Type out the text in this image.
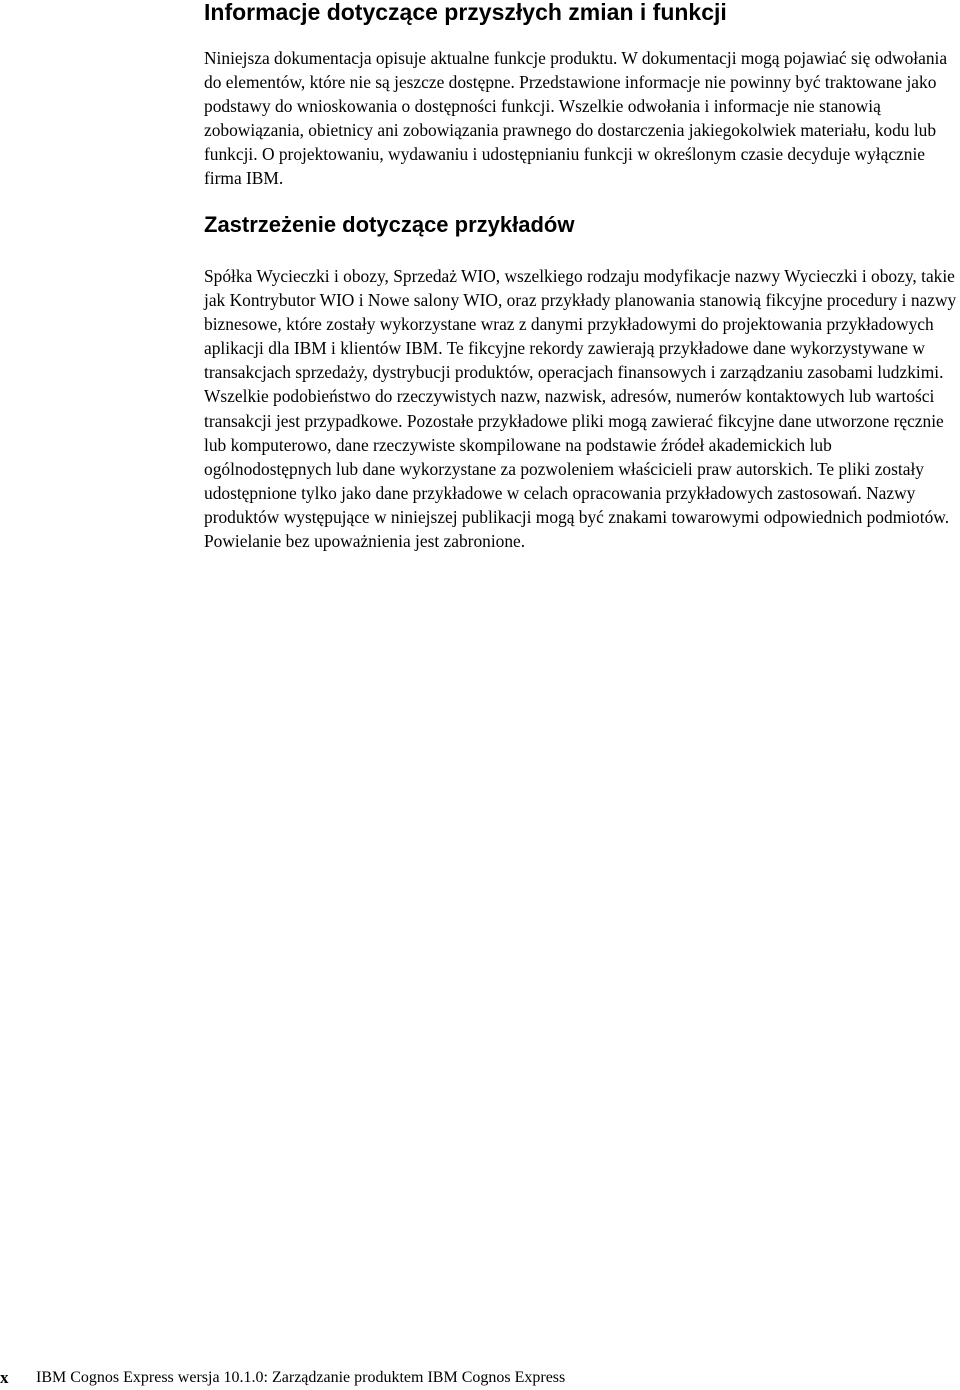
Informacje dotyczące przyszłych zmian i funkcji

Niniejsza dokumentacja opisuje aktualne funkcje produktu. W dokumentacji mogą pojawiać się odwołania do elementów, które nie są jeszcze dostępne. Przedstawione informacje nie powinny być traktowane jako podstawy do wnioskowania o dostępności funkcji. Wszelkie odwołania i informacje nie stanowią zobowiązania, obietnicy ani zobowiązania prawnego do dostarczenia jakiegokolwiek materiału, kodu lub funkcji. O projektowaniu, wydawaniu i udostępnianiu funkcji w określonym czasie decyduje wyłącznie firma IBM.

Zastrzeżenie dotyczące przykładów

Spółka Wycieczki i obozy, Sprzedaż WIO, wszelkiego rodzaju modyfikacje nazwy Wycieczki i obozy, takie jak Kontrybutor WIO i Nowe salony WIO, oraz przykłady planowania stanowią fikcyjne procedury i nazwy biznesowe, które zostały wykorzystane wraz z danymi przykładowymi do projektowania przykładowych aplikacji dla IBM i klientów IBM. Te fikcyjne rekordy zawierają przykładowe dane wykorzystywane w transakcjach sprzedaży, dystrybucji produktów, operacjach finansowych i zarządzaniu zasobami ludzkimi. Wszelkie podobieństwo do rzeczywistych nazw, nazwisk, adresów, numerów kontaktowych lub wartości transakcji jest przypadkowe. Pozostałe przykładowe pliki mogą zawierać fikcyjne dane utworzone ręcznie lub komputerowo, dane rzeczywiste skompilowane na podstawie źródeł akademickich lub ogólnodostępnych lub dane wykorzystane za pozwoleniem właścicieli praw autorskich. Te pliki zostały udostępnione tylko jako dane przykładowe w celach opracowania przykładowych zastosowań. Nazwy produktów występujące w niniejszej publikacji mogą być znakami towarowymi odpowiednich podmiotów. Powielanie bez upoważnienia jest zabronione.

x IBM Cognos Express wersja 10.1.0: Zarządzanie produktem IBM Cognos Express
